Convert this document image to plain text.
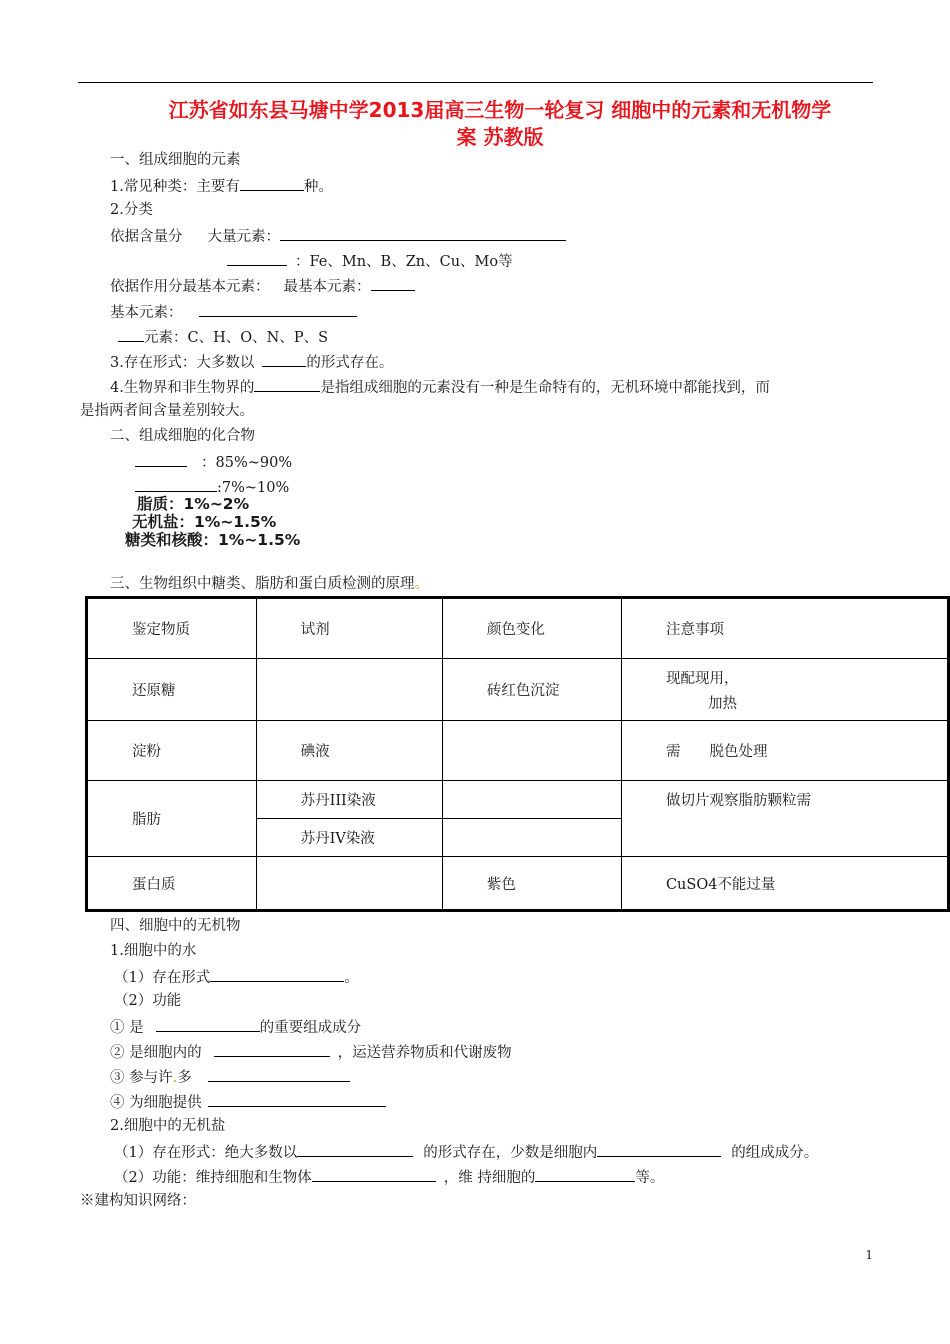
江苏省如东县马塘中学2013届高三生物一轮复习 细胞中的元素和无机物学
案 苏教版
一、组成细胞的元素
1.常见种类：主要有	种。
2.分类
依据含量分 大量元素：
：Fe、Mn、B、Zn、Cu、Mo等
依据作用分最基本元素： 最基本元素：
基本元素：
元素：C、H、O、N、P、S
3.存在形式：大多数以	的形式存在。
4.生物界和非生物界的	是指组成细胞的元素没有一种是生命特有的，无机环境中都能找到，而
是指两者间含量差别较大。
二、组成细胞的化合物
：85%~90%
:7%~10%
脂质：1%~2%
无机盐：1%~1.5%
糖类和核酸：1%~1.5%
三、生物组织中糖类、脂肪和蛋白质检测的原理。
鉴定物质	试剂	颜色变化	注意事项
还原糖		砖红色沉淀	现配现用，
加热

淀粉	碘液		需　　脱色处理
脂肪	苏丹III染液		做切片观察脂肪颗粒需
	苏丹IV染液		
蛋白质		紫色	CuSO4不能过量
四、细胞中的无机物
1.细胞中的水
（1）存在形式	。
（2）功能
① 是	的重要组成成分
② 是细胞内的	，运送营养物质和代谢废物
③ 参与许.多
④ 为细胞提供
2.细胞中的无机盐
（1）存在形式：绝大多数以	的形式存在，少数是细胞内	的组成成分。
（2）功能：维持细胞和生物体	，维 持细胞的	等。
※建构知识网络：
1
